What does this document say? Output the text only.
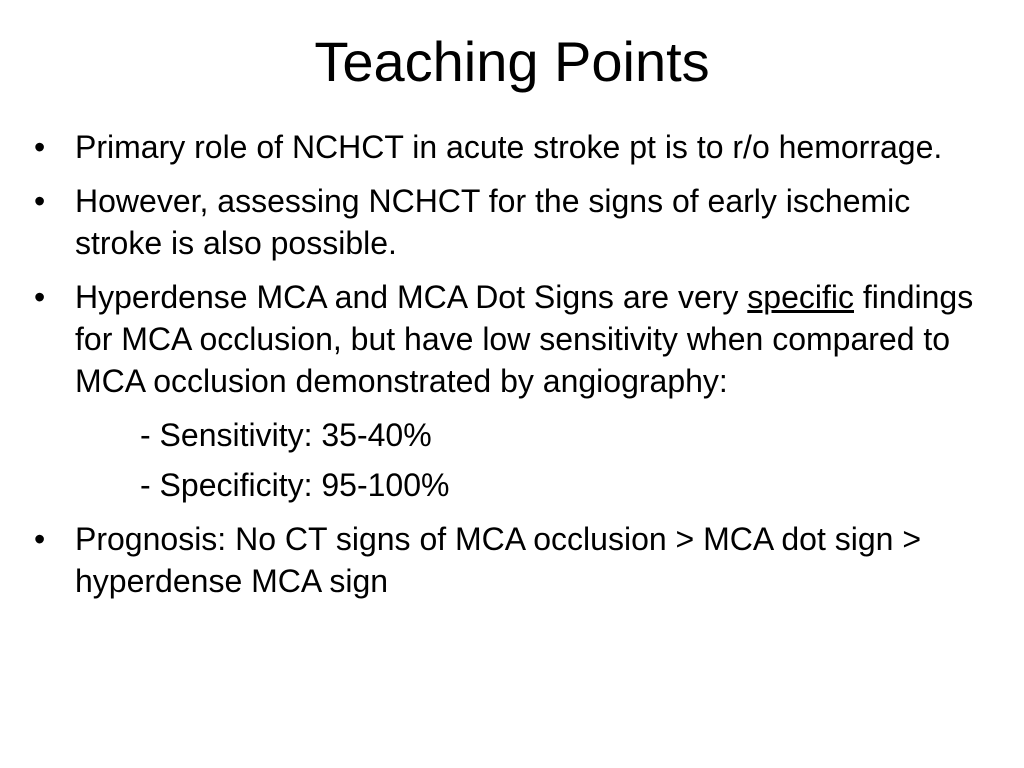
Teaching Points
• Primary role of NCHCT in acute stroke pt is to r/o hemorrage.
• However, assessing NCHCT for the signs of early ischemic stroke is also possible.
• Hyperdense MCA and MCA Dot Signs are very specific findings for MCA occlusion, but have low sensitivity when compared to MCA occlusion demonstrated by angiography:
- Sensitivity: 35-40%
- Specificity: 95-100%
• Prognosis: No CT signs of MCA occlusion > MCA dot sign > hyperdense MCA sign
